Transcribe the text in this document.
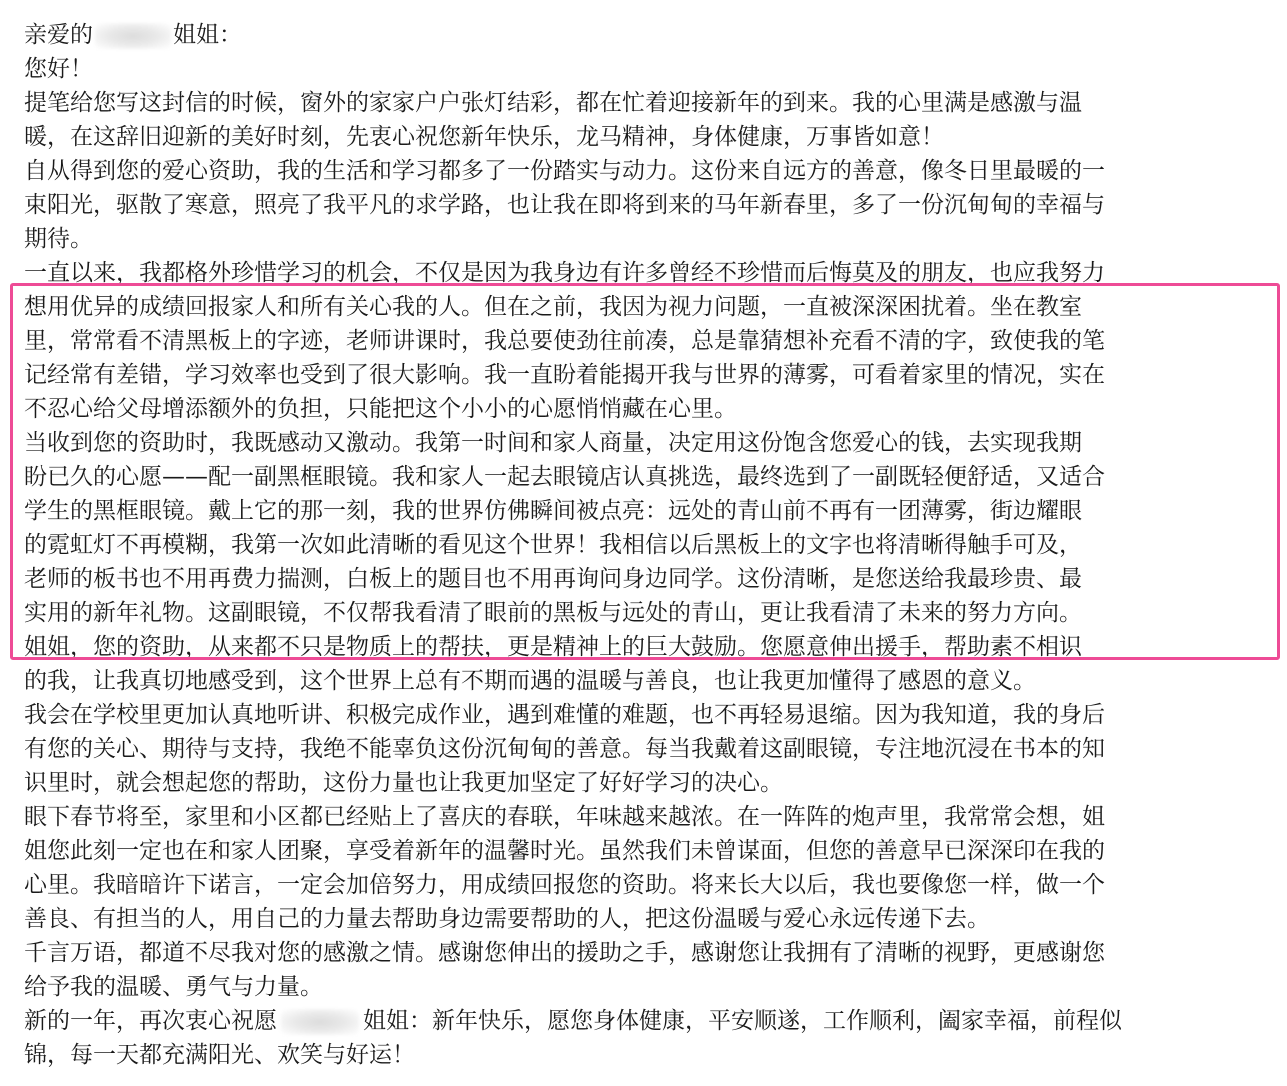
亲爱的	姐姐：
您好！
提笔给您写这封信的时候，窗外的家家户户张灯结彩，都在忙着迎接新年的到来。我的心里满是感激与温
暖，在这辞旧迎新的美好时刻，先衷心祝您新年快乐，龙马精神，身体健康，万事皆如意！
自从得到您的爱心资助，我的生活和学习都多了一份踏实与动力。这份来自远方的善意，像冬日里最暖的一
束阳光，驱散了寒意，照亮了我平凡的求学路，也让我在即将到来的马年新春里，多了一份沉甸甸的幸福与
期待。
一直以来，我都格外珍惜学习的机会，不仅是因为我身边有许多曾经不珍惜而后悔莫及的朋友，也应我努力
想用优异的成绩回报家人和所有关心我的人。但在之前，我因为视力问题，一直被深深困扰着。坐在教室
里，常常看不清黑板上的字迹，老师讲课时，我总要使劲往前凑，总是靠猜想补充看不清的字，致使我的笔
记经常有差错，学习效率也受到了很大影响。我一直盼着能揭开我与世界的薄雾，可看着家里的情况，实在
不忍心给父母增添额外的负担，只能把这个小小的心愿悄悄藏在心里。
当收到您的资助时，我既感动又激动。我第一时间和家人商量，决定用这份饱含您爱心的钱，去实现我期
盼已久的心愿——配一副黑框眼镜。我和家人一起去眼镜店认真挑选，最终选到了一副既轻便舒适，又适合
学生的黑框眼镜。戴上它的那一刻，我的世界仿佛瞬间被点亮：远处的青山前不再有一团薄雾，街边耀眼
的霓虹灯不再模糊，我第一次如此清晰的看见这个世界！我相信以后黑板上的文字也将清晰得触手可及，
老师的板书也不用再费力揣测，白板上的题目也不用再询问身边同学。这份清晰，是您送给我最珍贵、最
实用的新年礼物。这副眼镜，不仅帮我看清了眼前的黑板与远处的青山，更让我看清了未来的努力方向。
姐姐，您的资助，从来都不只是物质上的帮扶，更是精神上的巨大鼓励。您愿意伸出援手，帮助素不相识
的我，让我真切地感受到，这个世界上总有不期而遇的温暖与善良，也让我更加懂得了感恩的意义。
我会在学校里更加认真地听讲、积极完成作业，遇到难懂的难题，也不再轻易退缩。因为我知道，我的身后
有您的关心、期待与支持，我绝不能辜负这份沉甸甸的善意。每当我戴着这副眼镜，专注地沉浸在书本的知
识里时，就会想起您的帮助，这份力量也让我更加坚定了好好学习的决心。
眼下春节将至，家里和小区都已经贴上了喜庆的春联，年味越来越浓。在一阵阵的炮声里，我常常会想，姐
姐您此刻一定也在和家人团聚，享受着新年的温馨时光。虽然我们未曾谋面，但您的善意早已深深印在我的
心里。我暗暗许下诺言，一定会加倍努力，用成绩回报您的资助。将来长大以后，我也要像您一样，做一个
善良、有担当的人，用自己的力量去帮助身边需要帮助的人，把这份温暖与爱心永远传递下去。
千言万语，都道不尽我对您的感激之情。感谢您伸出的援助之手，感谢您让我拥有了清晰的视野，更感谢您
给予我的温暖、勇气与力量。
新的一年，再次衷心祝愿	姐姐：新年快乐，愿您身体健康，平安顺遂，工作顺利，阖家幸福，前程似
锦，每一天都充满阳光、欢笑与好运！
